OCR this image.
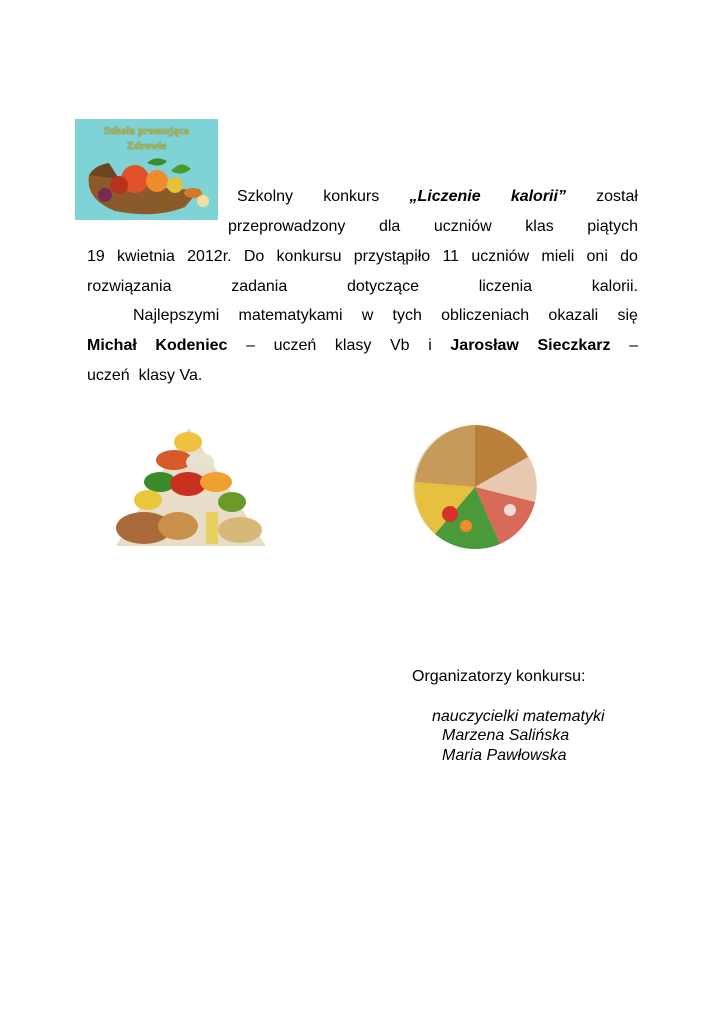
Szkoła promująca
Zdrowie
Szkolny konkurs „Liczenie kalorii” został
przeprowadzony dla uczniów klas piątych
19 kwietnia 2012r. Do konkursu przystąpiło 11 uczniów mieli oni do
rozwiązania	zadania	dotyczące	liczenia	kalorii.
Najlepszymi matematykami w tych obliczeniach okazali się
Michał Kodeniec – uczeń klasy Vb i Jarosław Sieczkarz –
uczeń  klasy Va.
Organizatorzy konkursu:
nauczycielki matematyki
Marzena Salińska
Maria Pawłowska
